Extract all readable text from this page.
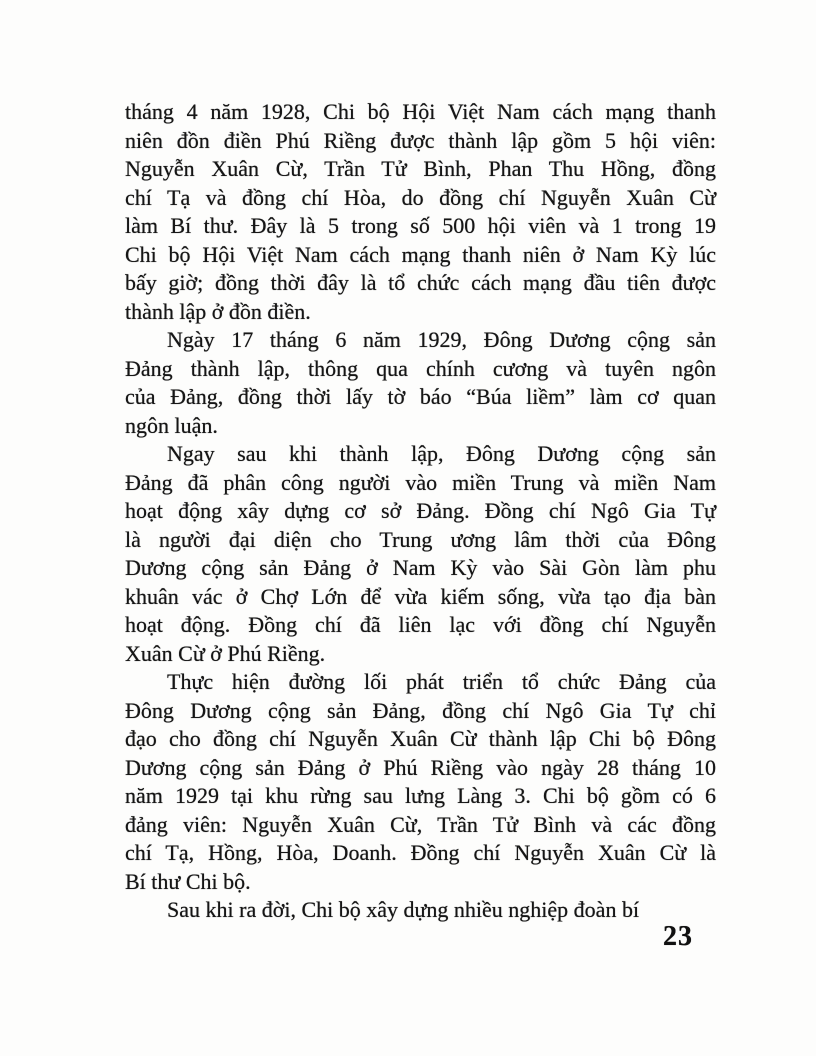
tháng 4 năm 1928, Chi bộ Hội Việt Nam cách mạng thanh
niên đồn điền Phú Riềng được thành lập gồm 5 hội viên:
Nguyễn Xuân Cừ, Trần Tử Bình, Phan Thu Hồng, đồng
chí Tạ và đồng chí Hòa, do đồng chí Nguyễn Xuân Cừ
làm Bí thư. Đây là 5 trong số 500 hội viên và 1 trong 19
Chi bộ Hội Việt Nam cách mạng thanh niên ở Nam Kỳ lúc
bấy giờ; đồng thời đây là tổ chức cách mạng đầu tiên được
thành lập ở đồn điền.
Ngày 17 tháng 6 năm 1929, Đông Dương cộng sản
Đảng thành lập, thông qua chính cương và tuyên ngôn
của Đảng, đồng thời lấy tờ báo “Búa liềm” làm cơ quan
ngôn luận.
Ngay sau khi thành lập, Đông Dương cộng sản
Đảng đã phân công người vào miền Trung và miền Nam
hoạt động xây dựng cơ sở Đảng. Đồng chí Ngô Gia Tự
là người đại diện cho Trung ương lâm thời của Đông
Dương cộng sản Đảng ở Nam Kỳ vào Sài Gòn làm phu
khuân vác ở Chợ Lớn để vừa kiếm sống, vừa tạo địa bàn
hoạt động. Đồng chí đã liên lạc với đồng chí Nguyễn
Xuân Cừ ở Phú Riềng.
Thực hiện đường lối phát triển tổ chức Đảng của
Đông Dương cộng sản Đảng, đồng chí Ngô Gia Tự chỉ
đạo cho đồng chí Nguyễn Xuân Cừ thành lập Chi bộ Đông
Dương cộng sản Đảng ở Phú Riềng vào ngày 28 tháng 10
năm 1929 tại khu rừng sau lưng Làng 3. Chi bộ gồm có 6
đảng viên: Nguyễn Xuân Cừ, Trần Tử Bình và các đồng
chí Tạ, Hồng, Hòa, Doanh. Đồng chí Nguyễn Xuân Cừ là
Bí thư Chi bộ.
Sau khi ra đời, Chi bộ xây dựng nhiều nghiệp đoàn bí
23
